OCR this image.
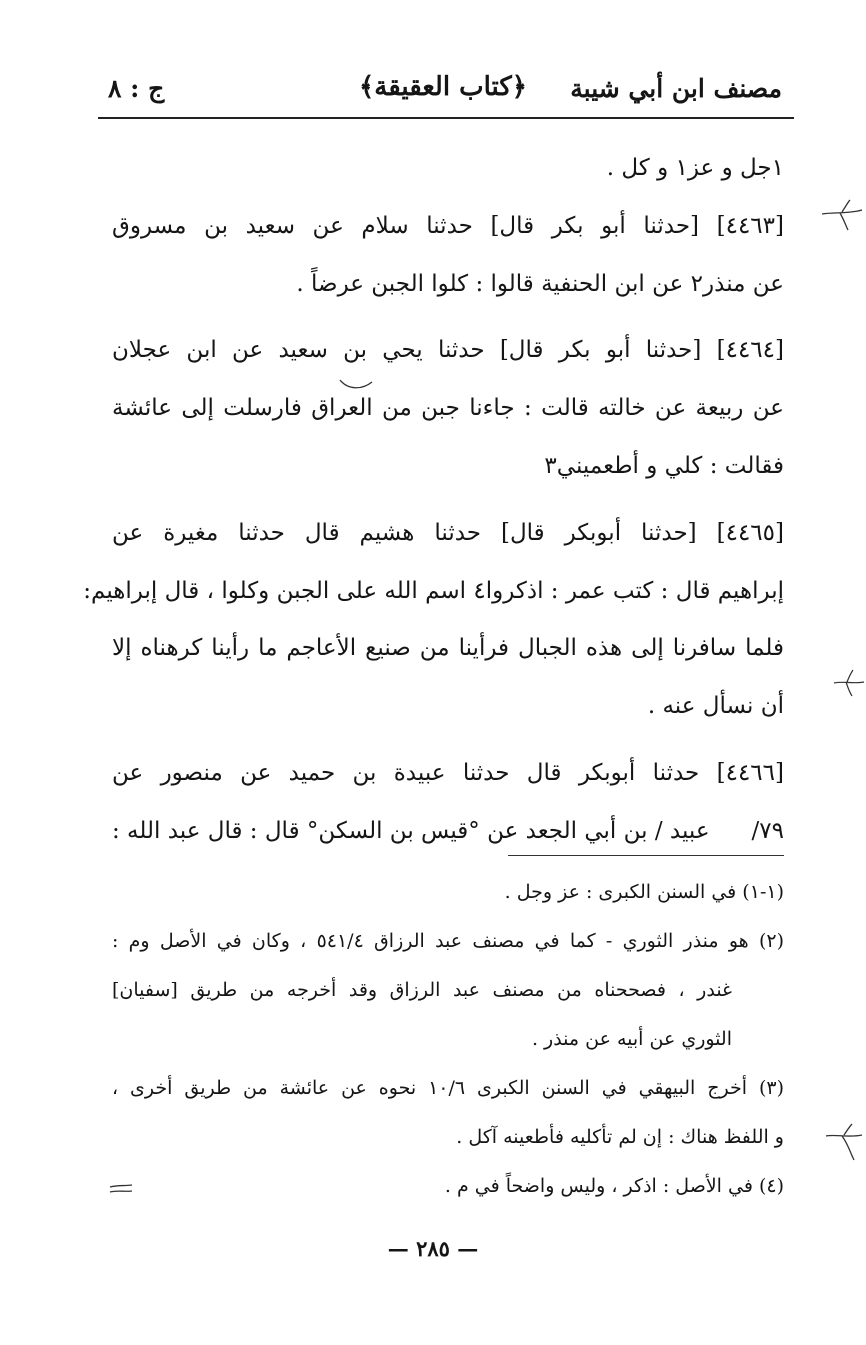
مصنف ابن أبي شيبة
﴿كتاب العقيقة﴾
ج : ٨
١جل و عز١ و كل .
[٤٤٦٣] [حدثنا أبو بكر قال] حدثنا سلام عن سعيد بن مسروق
عن منذر٢ عن ابن الحنفية قالوا : كلوا الجبن عرضاً .
[٤٤٦٤] [حدثنا أبو بكر قال] حدثنا يحي بن سعيد عن ابن عجلان
عن ربيعة عن خالته قالت : جاءنا جبن من العراق فارسلت إلى عائشة
فقالت : كلي و أطعميني٣
[٤٤٦٥] [حدثنا أبوبكر قال] حدثنا هشيم قال حدثنا مغيرة عن
إبراهيم قال : كتب عمر : اذكروا٤ اسم الله على الجبن وكلوا ، قال إبراهيم:
فلما سافرنا إلى هذه الجبال فرأينا من صنيع الأعاجم ما رأينا كرهناه إلا
أن نسأل عنه .
[٤٤٦٦] حدثنا أبوبكر قال حدثنا عبيدة بن حميد عن منصور عن
٧٩/
عبيد / بن أبي الجعد عن °قيس بن السكن° قال : قال عبد الله :
(١-١) في السنن الكبرى : عز وجل .
(٢) هو منذر الثوري - كما في مصنف عبد الرزاق ٥٤١/٤ ، وكان في الأصل وم :
غندر ، فصححناه من مصنف عبد الرزاق وقد أخرجه من طريق [سفيان]
الثوري عن أبيه عن منذر .
(٣) أخرج البيهقي في السنن الكبرى ١٠/٦ نحوه عن عائشة من طريق أخرى ،
و اللفظ هناك : إن لم تأكليه فأطعينه آكل .
(٤) في الأصل : اذكر ، وليس واضحاً في م .
— ٢٨٥ —
